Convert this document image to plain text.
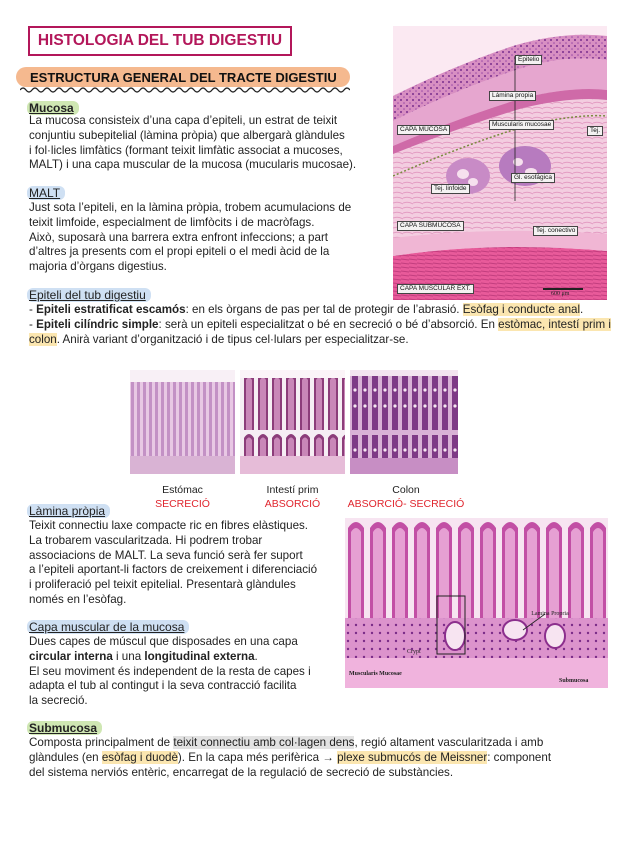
HISTOLOGIA DEL TUB DIGESTIU
ESTRUCTURA GENERAL DEL TRACTE DIGESTIU
Mucosa
La mucosa consisteix d’una capa d’epiteli, un estrat de teixit
conjuntiu subepitelial (làmina pròpia) que albergarà glàndules
i fol·licles limfàtics (formant teixit limfàtic associat a mucoses,
MALT) i una capa muscular de la mucosa (mucularis mucosae).
MALT
Just sota l’epiteli, en la làmina pròpia, trobem acumulacions de
teixit limfoide, especialment de limfòcits i de macròfags.
Això, suposarà una barrera extra enfront infeccions; a part
d’altres ja presents com el propi epiteli o el medi àcid de la
majoria d’òrgans digestius.
Epitelio
Lámina propia
CAPA MUCOSA
Muscularis mucosae
Tej.
Tej. linfoide
Gl. esofágica
CAPA SUBMUCOSA
Tej. conectivo
CAPA MUSCULAR EXT.
600 μm
Epiteli del tub digestiu
- Epiteli estratificat escamós: en els òrgans de pas per tal de protegir de l’abrasió. Esòfag i conducte anal.
- Epiteli cilíndric simple: serà un epiteli especialitzat o bé en secreció o bé d’absorció. En estòmac, intestí prim i colon. Anirà variant d’organització i de tipus cel·lulars per especialitzar-se.
Estómac
SECRECIÓ
Intestí prim
ABSORCIÓ
Colon
ABSORCIÓ- SECRECIÓ
Làmina pròpia
Teixit connectiu laxe compacte ric en fibres elàstiques.
La trobarem vascularitzada. Hi podrem trobar
associacions de MALT. La seva funció serà fer suport
a l’epiteli aportant-li factors de creixement i diferenciació
i proliferació pel teixit epitelial. Presentarà glàndules
només en l’esòfag.
Lamina Propria
Crypt
Muscularis Mucosae
Submucosa
Capa muscular de la mucosa
Dues capes de múscul que disposades en una capa
circular interna i una longitudinal externa.
El seu moviment és independent de la resta de capes i
adapta el tub al contingut i la seva contracció facilita
la secreció.
Submucosa
Composta principalment de teixit connectiu amb col·lagen dens, regió altament vascularitzada i amb
glàndules (en esòfag i duodè). En la capa més perifèrica → plexe submucós de Meissner: component
del sistema nerviós entèric, encarregat de la regulació de secreció de substàncies.
